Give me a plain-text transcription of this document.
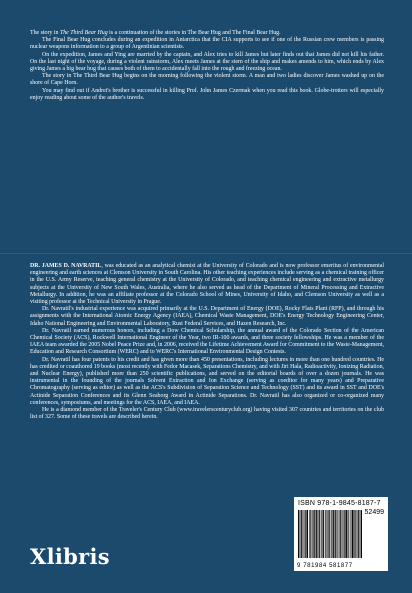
The story in The Third Bear Hug is a continuation of the stories in The Bear Hug and The Final Bear Hug.

The Final Bear Hug concludes during an expedition in Antarctica that the CIA supports to see if one of the Russian crew members is passing nuclear weapons information to a group of Argentinian scientists.

On the expedition, James and Ying are married by the captain, and Alex tries to kill James but later finds out that James did not kill his father. On the last night of the voyage, during a violent rainstorm, Alex meets James at the stern of the ship and makes amends to him, which ends by Alex giving James a big bear hug that causes both of them to accidentally fall into the rough and freezing ocean.

The story in The Third Bear Hug begins on the morning following the violent storm. A man and two ladies discover James washed up on the shore of Cape Horn.

You may find out if Andrei's brother is successful in killing Prof. John James Czermak when you read this book. Globe-trotters will especially enjoy reading about some of the author's travels.

DR. JAMES D. NAVRATIL, was educated as an analytical chemist at the University of Colorado and is now professor emeritus of environmental engineering and earth sciences at Clemson University in South Carolina. His other teaching experiences include serving as a chemical training officer in the U.S. Army Reserve, teaching general chemistry at the University of Colorado, and teaching chemical engineering and extractive metallurgy subjects at the University of New South Wales, Australia, where he also served as head of the Department of Mineral Processing and Extractive Metallurgy. In addition, he was an affiliate professor at the Colorado School of Mines, University of Idaho, and Clemson University as well as a visiting professor at the Technical University in Prague.

Dr. Navratil's industrial experience was acquired primarily at the U.S. Department of Energy (DOE), Rocky Flats Plant (RFP), and through his assignments with the International Atomic Energy Agency (IAEA), Chemical Waste Management, DOE's Energy Technology Engineering Center, Idaho National Engineering and Environmental Laboratory, Rust Federal Services, and Hazen Research, Inc.

Dr. Navratil earned numerous honors, including a Dow Chemical Scholarship, the annual award of the Colorado Section of the American Chemical Society (ACS), Rockwell International Engineer of the Year, two IR-100 awards, and three society fellowships. He was a member of the IAEA team awarded the 2005 Nobel Peace Prize and, in 2006, received the Lifetime Achievement Award for Commitment to the Waste-Management, Education and Research Consortium (WERC) and to WERC's International Environmental Design Contests.

Dr. Navratil has four patents to his credit and has given more than 450 presentations, including lectures in more than one hundred countries. He has credited or coauthored 19 books (most recently with Fedor Macasek, Separations Chemistry, and with Jiri Hala, Radioactivity, Ionizing Radiation, and Nuclear Energy), published more than 250 scientific publications, and served on the editorial boards of over a dozen journals. He was instrumental in the founding of the journals Solvent Extraction and Ion Exchange (serving as coeditor for many years) and Preparative Chromatography (serving as editor) as well as the ACS's Subdivision of Separation Science and Technology (SST) and its award in SST and DOE's Actinide Separation Conferences and its Glenn Seaborg Award in Actinide Separations. Dr. Navratil has also organized or co-organized many conferences, symposiums, and meetings for the ACS, IAEA, and IAEA.

He is a diamond member of the Traveler's Century Club (www.travelerscenturyclub.org) having visited 307 countries and territories on the club list of 327. Some of these travels are described herein.

Xlibris
ISBN 978-1-9845-8187-7
52499
9 781984 581877
